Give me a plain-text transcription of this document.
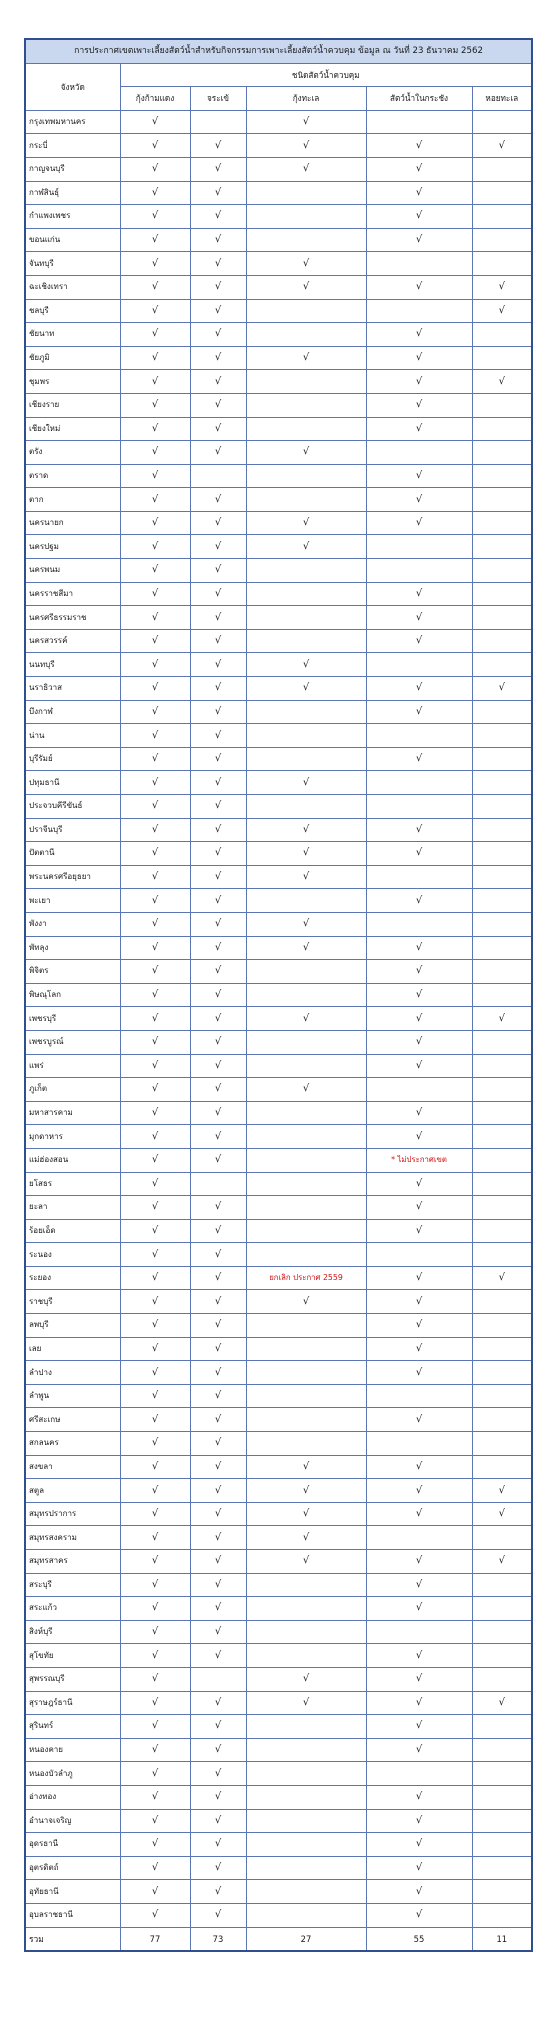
การประกาศเขตเพาะเลี้ยงสัตว์น้ำสำหรับกิจกรรมการเพาะเลี้ยงสัตว์น้ำควบคุม ข้อมูล ณ วันที่ 23 ธันวาคม 2562					
จังหวัด	ชนิดสัตว์น้ำควบคุม				
	กุ้งก้ามแดง	จระเข้	กุ้งทะเล	สัตว์น้ำในกระชัง	หอยทะเล
กรุงเทพมหานคร	√		√		
กระบี่	√	√	√	√	√
กาญจนบุรี	√	√	√	√	
กาฬสินธุ์	√	√		√	
กำแพงเพชร	√	√		√	
ขอนแก่น	√	√		√	
จันทบุรี	√	√	√		
ฉะเชิงเทรา	√	√	√	√	√
ชลบุรี	√	√			√
ชัยนาท	√	√		√	
ชัยภูมิ	√	√	√	√	
ชุมพร	√	√		√	√
เชียงราย	√	√		√	
เชียงใหม่	√	√		√	
ตรัง	√	√	√		
ตราด	√			√	
ตาก	√	√		√	
นครนายก	√	√	√	√	
นครปฐม	√	√	√		
นครพนม	√	√			
นครราชสีมา	√	√		√	
นครศรีธรรมราช	√	√		√	
นครสวรรค์	√	√		√	
นนทบุรี	√	√	√		
นราธิวาส	√	√	√	√	√
บึงกาฬ	√	√		√	
น่าน	√	√			
บุรีรัมย์	√	√		√	
ปทุมธานี	√	√	√		
ประจวบคีรีขันธ์	√	√			
ปราจีนบุรี	√	√	√	√	
ปัตตานี	√	√	√	√	
พระนครศรีอยุธยา	√	√	√		
พะเยา	√	√		√	
พังงา	√	√	√		
พัทลุง	√	√	√	√	
พิจิตร	√	√		√	
พิษณุโลก	√	√		√	
เพชรบุรี	√	√	√	√	√
เพชรบูรณ์	√	√		√	
แพร่	√	√		√	
ภูเก็ต	√	√	√		
มหาสารคาม	√	√		√	
มุกดาหาร	√	√		√	
แม่ฮ่องสอน	√	√		* ไม่ประกาศเขต	
ยโสธร	√			√	
ยะลา	√	√		√	
ร้อยเอ็ด	√	√		√	
ระนอง	√	√			
ระยอง	√	√	ยกเลิก ประกาศ 2559	√	√
ราชบุรี	√	√	√	√	
ลพบุรี	√	√		√	
เลย	√	√		√	
ลำปาง	√	√		√	
ลำพูน	√	√			
ศรีสะเกษ	√	√		√	
สกลนคร	√	√			
สงขลา	√	√	√	√	
สตูล	√	√	√	√	√
สมุทรปราการ	√	√	√	√	√
สมุทรสงคราม	√	√	√		
สมุทรสาคร	√	√	√	√	√
สระบุรี	√	√		√	
สระแก้ว	√	√		√	
สิงห์บุรี	√	√			
สุโขทัย	√	√		√	
สุพรรณบุรี	√		√	√	
สุราษฎร์ธานี	√	√	√	√	√
สุรินทร์	√	√		√	
หนองคาย	√	√		√	
หนองบัวลำภู	√	√			
อ่างทอง	√	√		√	
อำนาจเจริญ	√	√		√	
อุดรธานี	√	√		√	
อุตรดิตถ์	√	√		√	
อุทัยธานี	√	√		√	
อุบลราชธานี	√	√		√	
รวม	77	73	27	55	11
